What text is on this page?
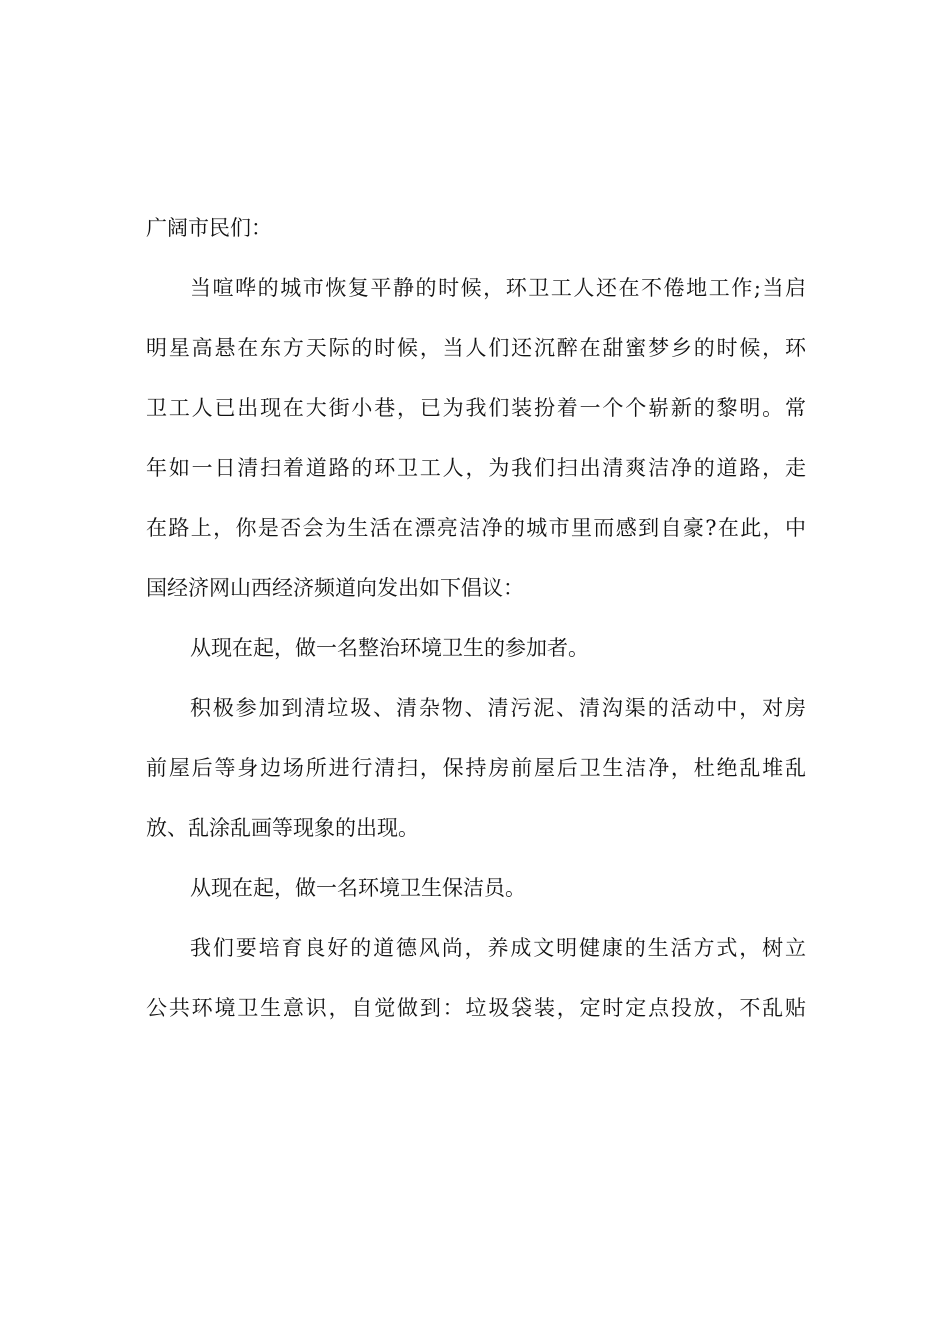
广阔市民们：
当喧哗的城市恢复平静的时候，环卫工人还在不倦地工作;当启
明星高悬在东方天际的时候，当人们还沉醉在甜蜜梦乡的时候，环
卫工人已出现在大街小巷，已为我们装扮着一个个崭新的黎明。常
年如一日清扫着道路的环卫工人，为我们扫出清爽洁净的道路，走
在路上，你是否会为生活在漂亮洁净的城市里而感到自豪?在此，中
国经济网山西经济频道向发出如下倡议：
从现在起，做一名整治环境卫生的参加者。
积极参加到清垃圾、清杂物、清污泥、清沟渠的活动中，对房
前屋后等身边场所进行清扫，保持房前屋后卫生洁净，杜绝乱堆乱
放、乱涂乱画等现象的出现。
从现在起，做一名环境卫生保洁员。
我们要培育良好的道德风尚，养成文明健康的生活方式，树立
公共环境卫生意识，自觉做到：垃圾袋装，定时定点投放，不乱贴
